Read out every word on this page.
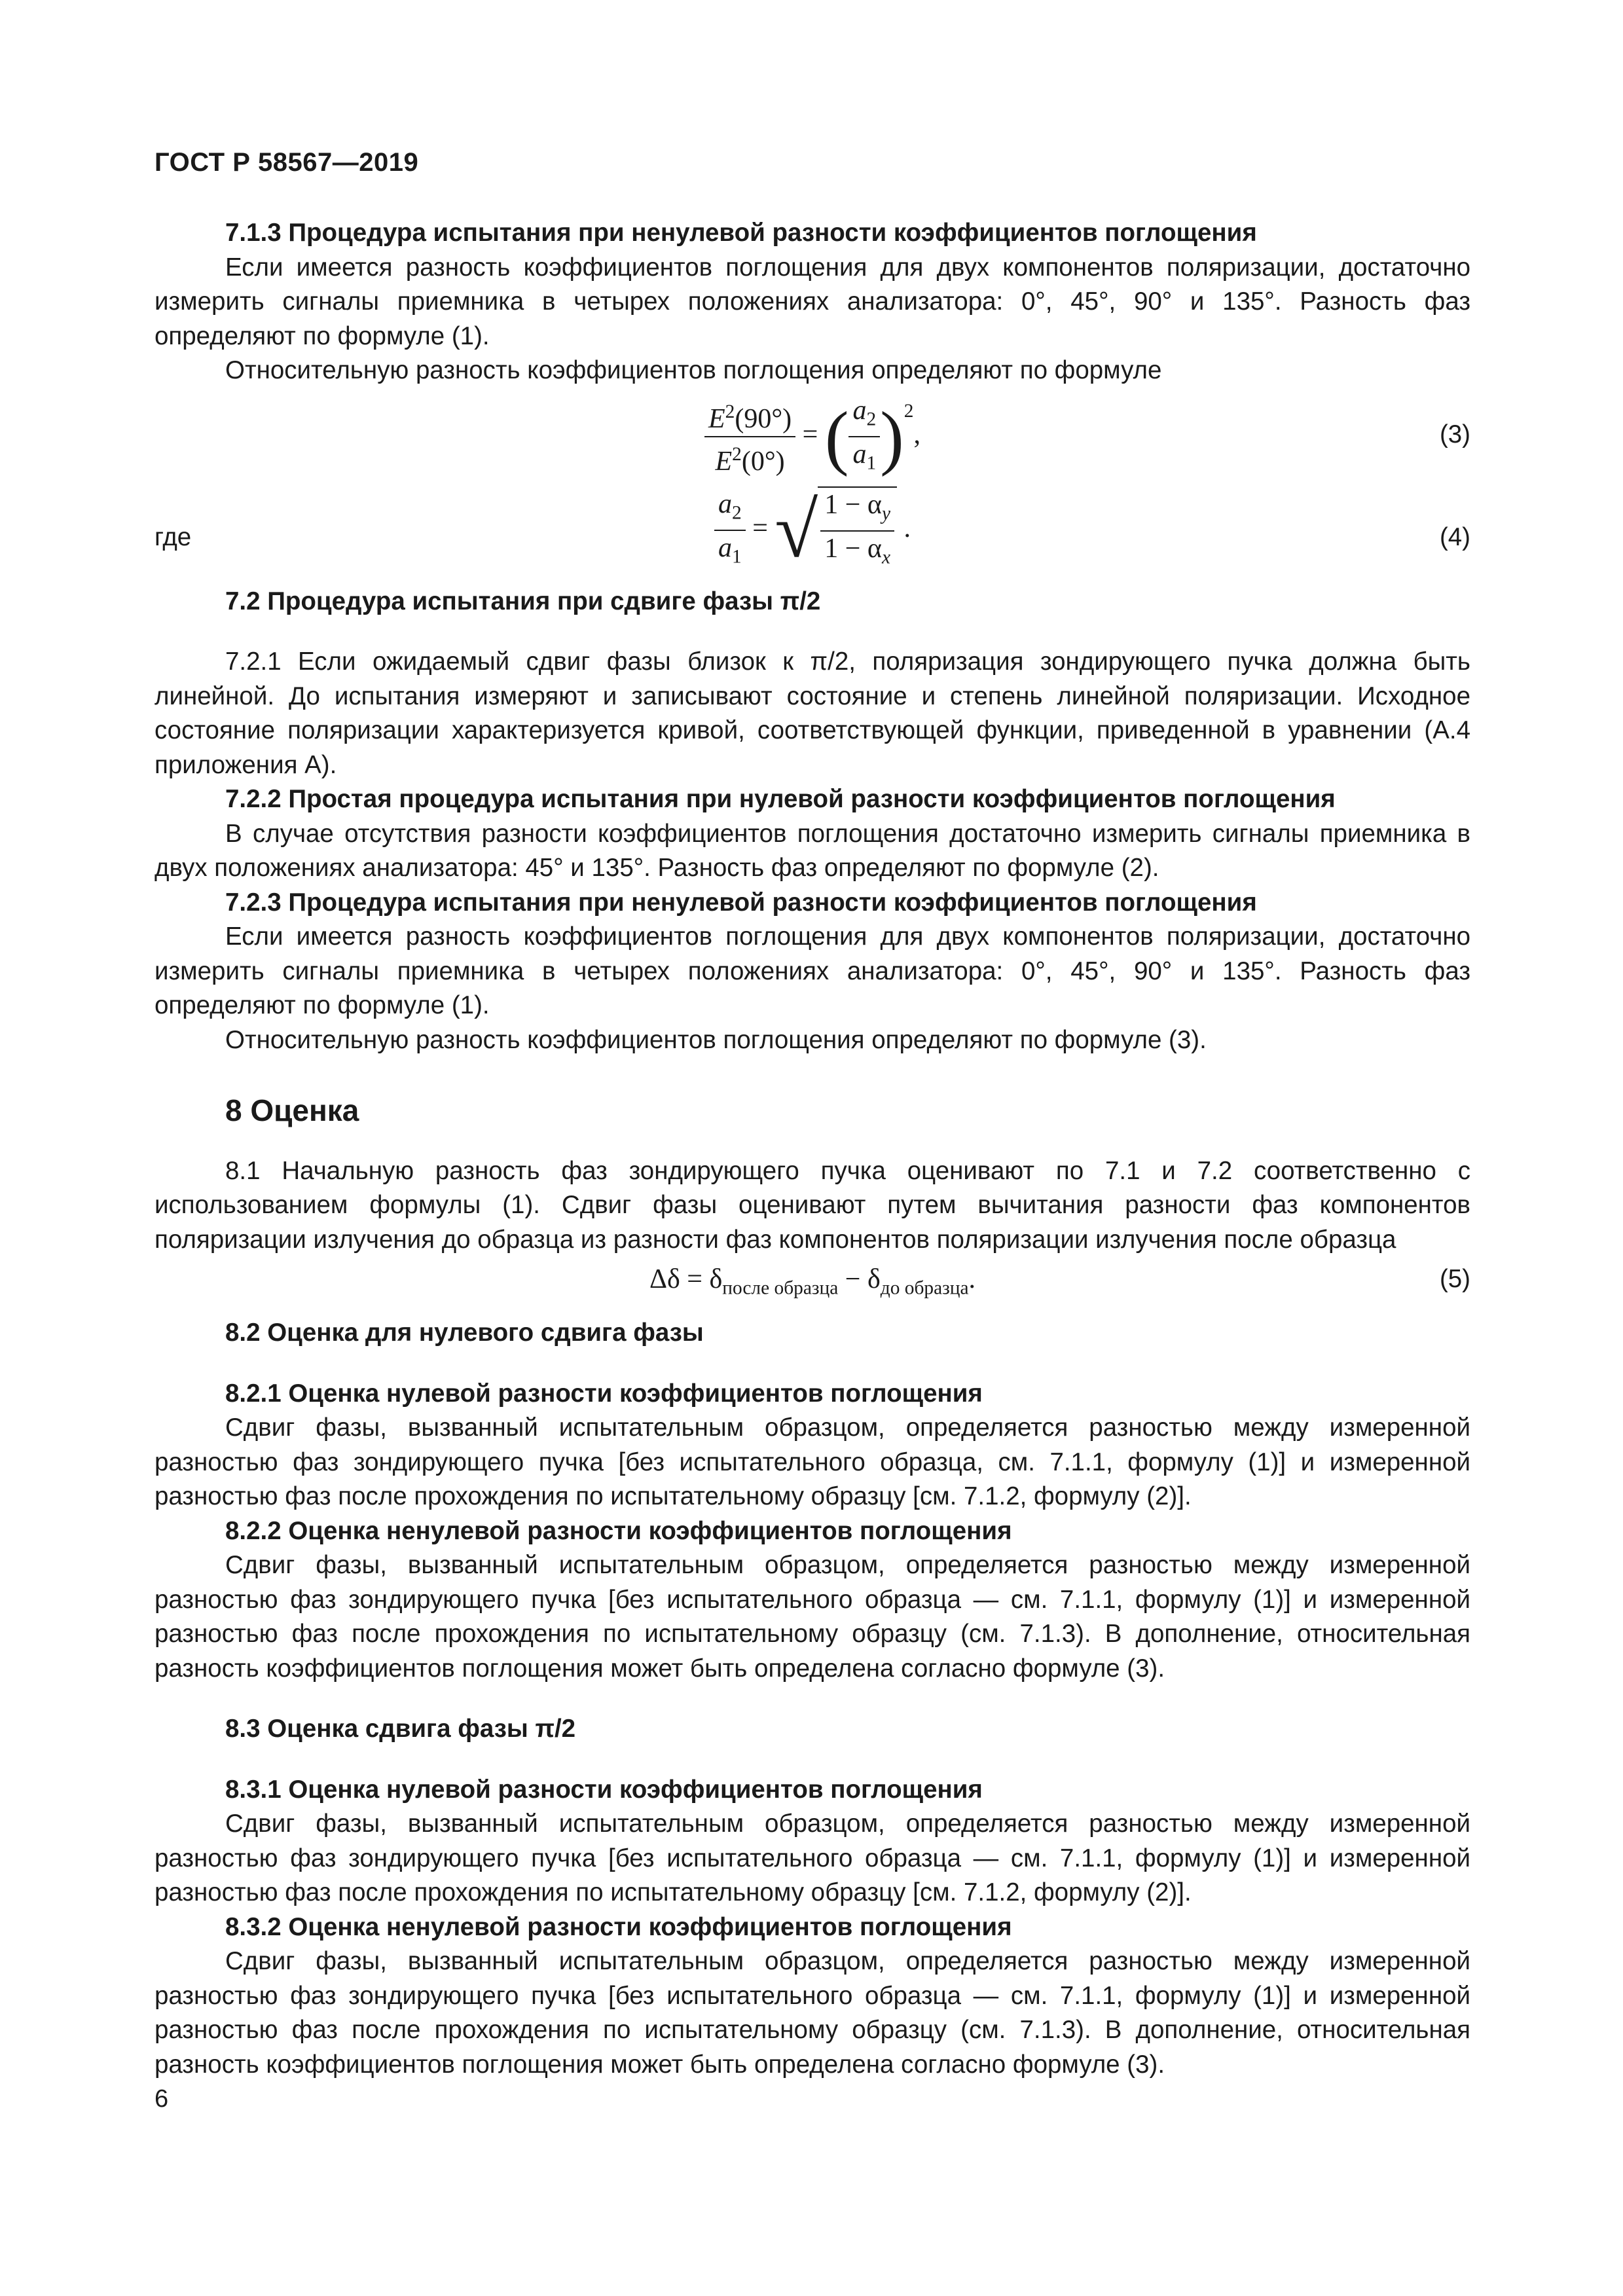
ГОСТ Р 58567—2019

7.1.3 Процедура испытания при ненулевой разности коэффициентов поглощения

Если имеется разность коэффициентов поглощения для двух компонентов поляризации, достаточно измерить сигналы приемника в четырех положениях анализатора: 0°, 45°, 90° и 135°. Разность фаз определяют по формуле (1).

Относительную разность коэффициентов поглощения определяют по формуле

$\frac{E^2(90^\circ)}{E^2(0^\circ)}$ = ( $\frac{a_2}{a_1} )^2$,	(3)
где	$\frac{a_2}{a_1}$ = √ $\frac{1 - \alpha_y}{1 - \alpha_x}$ .	(4)

7.2 Процедура испытания при сдвиге фазы π/2

7.2.1 Если ожидаемый сдвиг фазы близок к π/2, поляризация зондирующего пучка должна быть линейной. До испытания измеряют и записывают состояние и степень линейной поляризации. Исходное состояние поляризации характеризуется кривой, соответствующей функции, приведенной в уравнении (А.4 приложения А).

7.2.2 Простая процедура испытания при нулевой разности коэффициентов поглощения

В случае отсутствия разности коэффициентов поглощения достаточно измерить сигналы приемника в двух положениях анализатора: 45° и 135°. Разность фаз определяют по формуле (2).

7.2.3 Процедура испытания при ненулевой разности коэффициентов поглощения

Если имеется разность коэффициентов поглощения для двух компонентов поляризации, достаточно измерить сигналы приемника в четырех положениях анализатора: 0°, 45°, 90° и 135°. Разность фаз определяют по формуле (1).

Относительную разность коэффициентов поглощения определяют по формуле (3).

8 Оценка

8.1 Начальную разность фаз зондирующего пучка оценивают по 7.1 и 7.2 соответственно с использованием формулы (1). Сдвиг фазы оценивают путем вычитания разности фаз компонентов поляризации излучения до образца из разности фаз компонентов поляризации излучения после образца

$\Delta\delta = \delta_{после образца} - \delta_{до образца}$.	(5)

8.2 Оценка для нулевого сдвига фазы

8.2.1 Оценка нулевой разности коэффициентов поглощения

Сдвиг фазы, вызванный испытательным образцом, определяется разностью между измеренной разностью фаз зондирующего пучка [без испытательного образца, см. 7.1.1, формулу (1)] и измеренной разностью фаз после прохождения по испытательному образцу [см. 7.1.2, формулу (2)].

8.2.2 Оценка ненулевой разности коэффициентов поглощения

Сдвиг фазы, вызванный испытательным образцом, определяется разностью между измеренной разностью фаз зондирующего пучка [без испытательного образца — см. 7.1.1, формулу (1)] и измеренной разностью фаз после прохождения по испытательному образцу (см. 7.1.3). В дополнение, относительная разность коэффициентов поглощения может быть определена согласно формуле (3).

8.3 Оценка сдвига фазы π/2

8.3.1 Оценка нулевой разности коэффициентов поглощения

Сдвиг фазы, вызванный испытательным образцом, определяется разностью между измеренной разностью фаз зондирующего пучка [без испытательного образца — см. 7.1.1, формулу (1)] и измеренной разностью фаз после прохождения по испытательному образцу [см. 7.1.2, формулу (2)].

8.3.2 Оценка ненулевой разности коэффициентов поглощения

Сдвиг фазы, вызванный испытательным образцом, определяется разностью между измеренной разностью фаз зондирующего пучка [без испытательного образца — см. 7.1.1, формулу (1)] и измеренной разностью фаз после прохождения по испытательному образцу (см. 7.1.3). В дополнение, относительная разность коэффициентов поглощения может быть определена согласно формуле (3).

6
